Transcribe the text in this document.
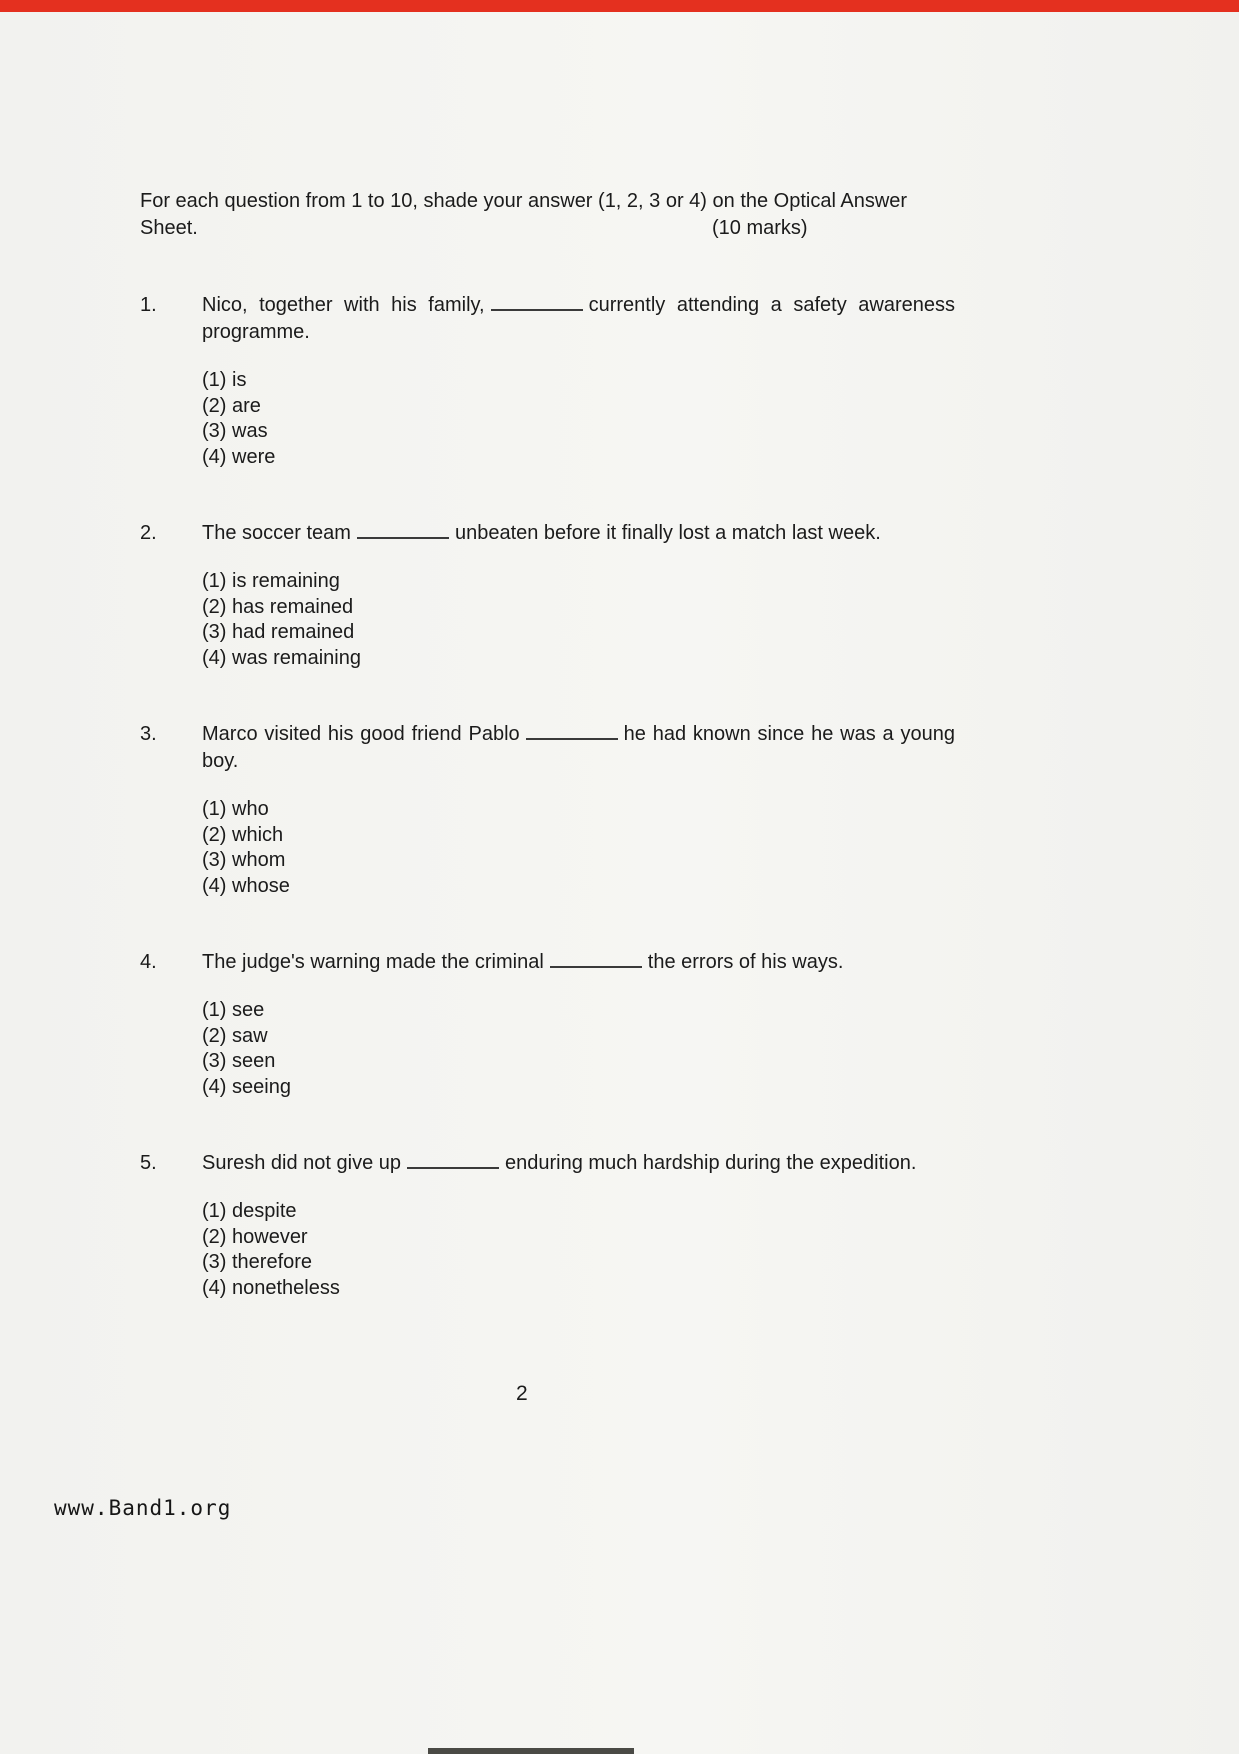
For each question from 1 to 10, shade your answer (1, 2, 3 or 4) on the Optical Answer Sheet.	(10 marks)
1.	Nico, together with his family,	currently attending a safety awareness programme.

(1) is
(2) are
(3) was
(4) were
2.	The soccer team	unbeaten before it finally lost a match last week.

(1) is remaining
(2) has remained
(3) had remained
(4) was remaining
3.	Marco visited his good friend Pablo	he had known since he was a young boy.

(1) who
(2) which
(3) whom
(4) whose
4.	The judge's warning made the criminal	the errors of his ways.

(1) see
(2) saw
(3) seen
(4) seeing
5.	Suresh did not give up	enduring much hardship during the expedition.

(1) despite
(2) however
(3) therefore
(4) nonetheless
2
www.Band1.org
